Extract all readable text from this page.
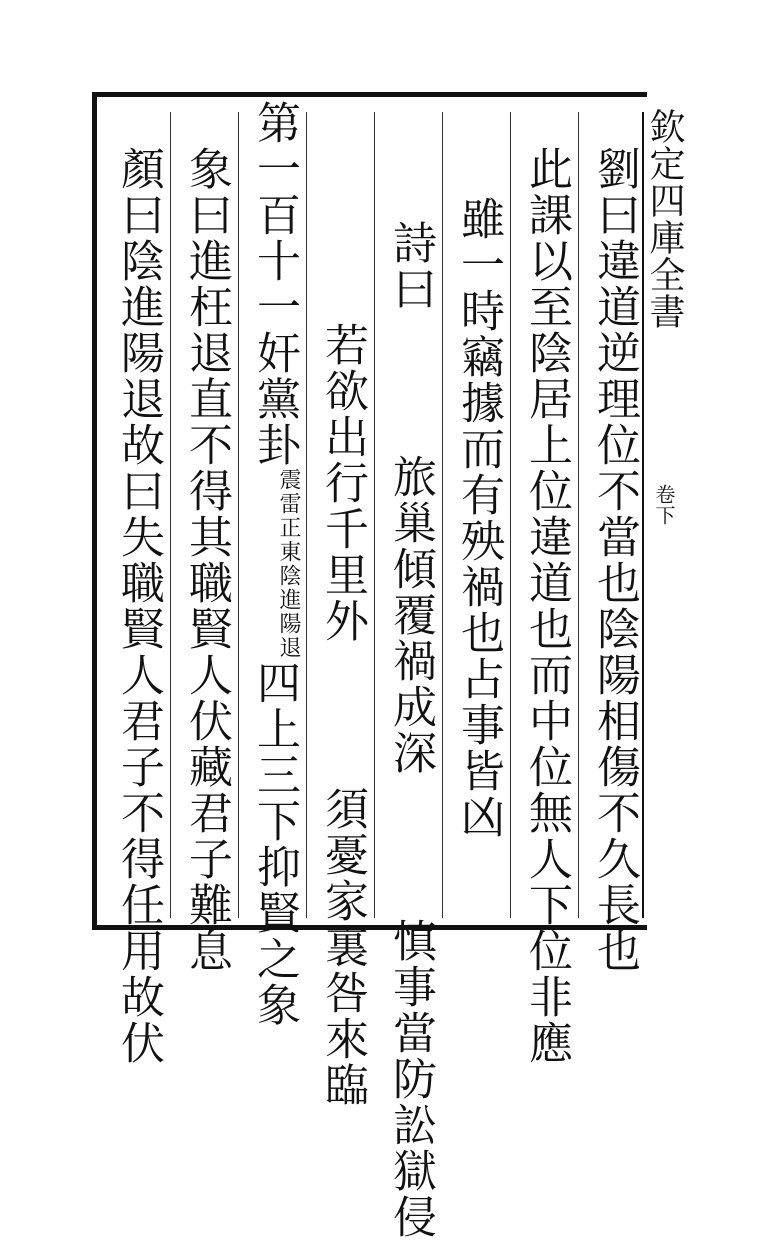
欽定四庫全書  卷下
劉曰違道逆理位不當也陰陽相傷不久長也
此課以至陰居上位違道也而中位無人下位非應
雖一時竊據而有殃禍也占事皆凶
詩曰  旅巢傾覆禍成深  慎事當防訟獄侵
若欲出行千里外  須憂家裏咎來臨
第一百十一奸黨卦
陰進陽退
震雷正東
四上三下抑賢之象
象曰進枉退直不得其職賢人伏藏君子難息
顏曰陰進陽退故曰失職賢人君子不得任用故伏
